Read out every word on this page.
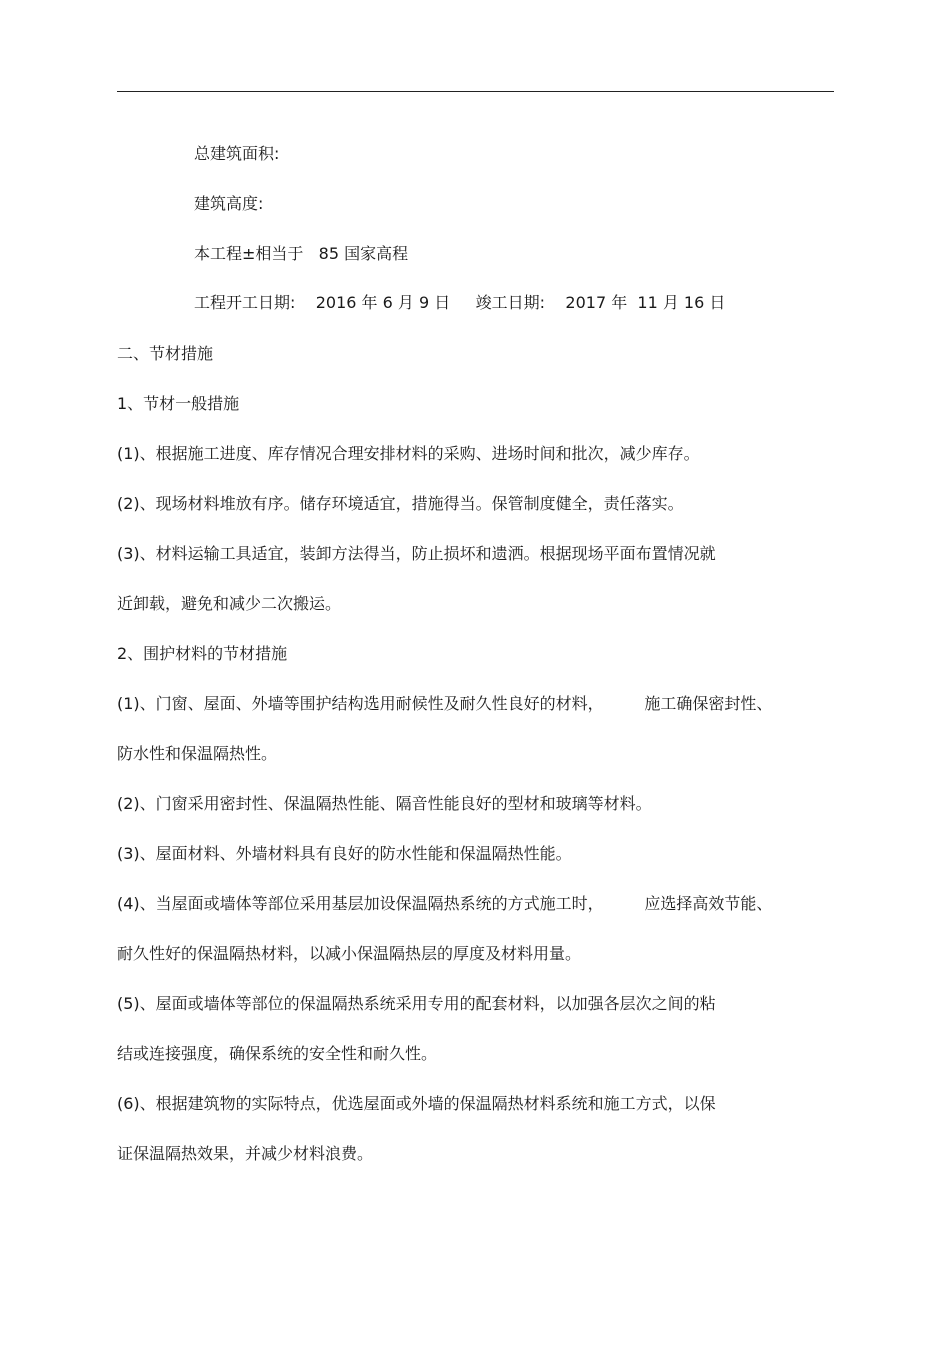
总建筑面积:
建筑高度:
本工程±相当于   85 国家高程
工程开工日期:    2016 年 6 月 9 日     竣工日期:    2017 年  11 月 16 日
二、节材措施
1、节材一般措施
(1)、根据施工进度、库存情况合理安排材料的采购、进场时间和批次，减少库存。
(2)、现场材料堆放有序。储存环境适宜，措施得当。保管制度健全，责任落实。
(3)、材料运输工具适宜，装卸方法得当，防止损坏和遗洒。根据现场平面布置情况就
近卸载，避免和减少二次搬运。
2、围护材料的节材措施
(1)、门窗、屋面、外墙等围护结构选用耐候性及耐久性良好的材料，        施工确保密封性、
防水性和保温隔热性。
(2)、门窗采用密封性、保温隔热性能、隔音性能良好的型材和玻璃等材料。
(3)、屋面材料、外墙材料具有良好的防水性能和保温隔热性能。
(4)、当屋面或墙体等部位采用基层加设保温隔热系统的方式施工时，        应选择高效节能、
耐久性好的保温隔热材料，以减小保温隔热层的厚度及材料用量。
(5)、屋面或墙体等部位的保温隔热系统采用专用的配套材料，以加强各层次之间的粘
结或连接强度，确保系统的安全性和耐久性。
(6)、根据建筑物的实际特点，优选屋面或外墙的保温隔热材料系统和施工方式，以保
证保温隔热效果，并减少材料浪费。
